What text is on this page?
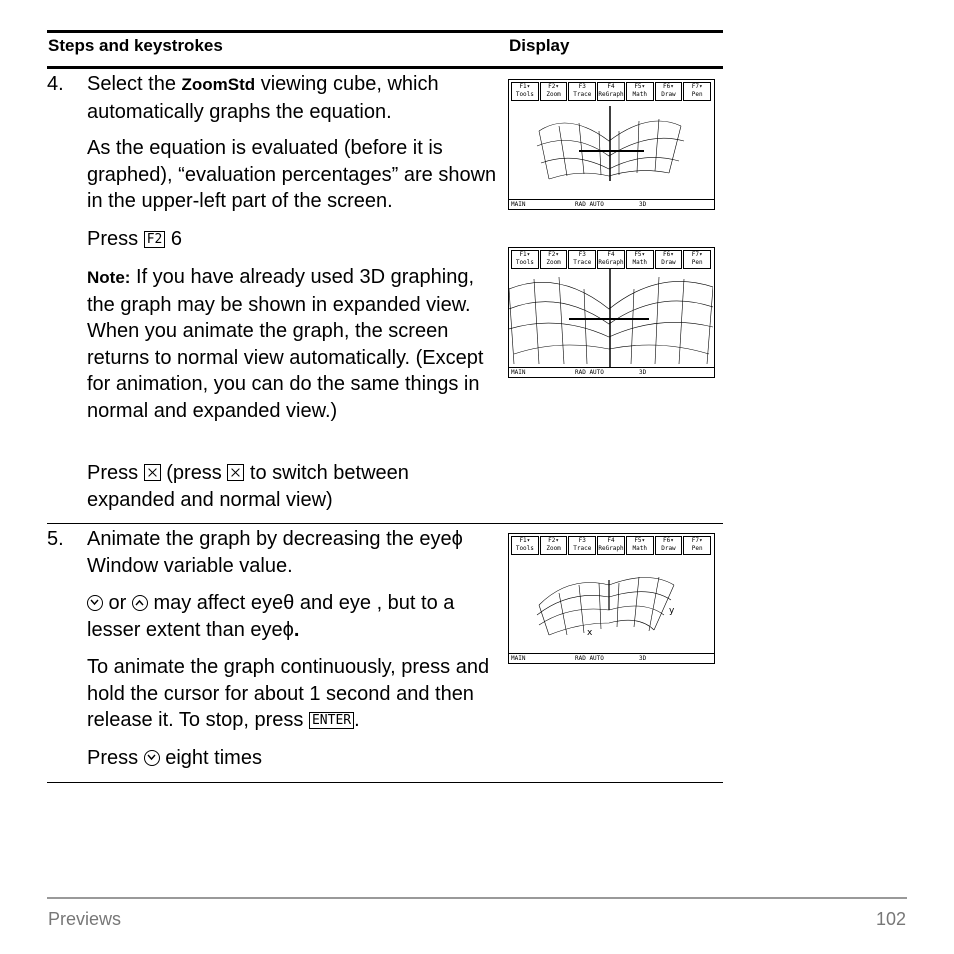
Steps and keystrokes	Display
4. Select the ZoomStd viewing cube, which automatically graphs the equation.
As the equation is evaluated (before it is graphed), “evaluation percentages” are shown in the upper-left part of the screen.
Press F2 6
Note: If you have already used 3D graphing, the graph may be shown in expanded view. When you animate the graph, the screen returns to normal view automatically. (Except for animation, you can do the same things in normal and expanded view.)
Press  (press  to switch between expanded and normal view)
5. Animate the graph by decreasing the eyeϕ Window variable value.
or
may affect eyeθ and eye , but to a lesser extent than eyeϕ.
To animate the graph continuously, press and hold the cursor for about 1 second and then release it. To stop, press ENTER .
Press
eight times
F1▾
Tools
F2▾
Zoom
F3
Trace
F4
ReGraph
F5▾
Math
F6▾
Draw
F7▾
Pen
MAIN	RAD AUTO	3D
F1▾
Tools
F2▾
Zoom
F3
Trace
F4
ReGraph
F5▾
Math
F6▾
Draw
F7▾
Pen
MAIN	RAD AUTO	3D
F1▾
Tools
F2▾
Zoom
F3
Trace
F4
ReGraph
F5▾
Math
F6▾
Draw
F7▾
Pen
y
x
MAIN	RAD AUTO	3D
Previews	102
